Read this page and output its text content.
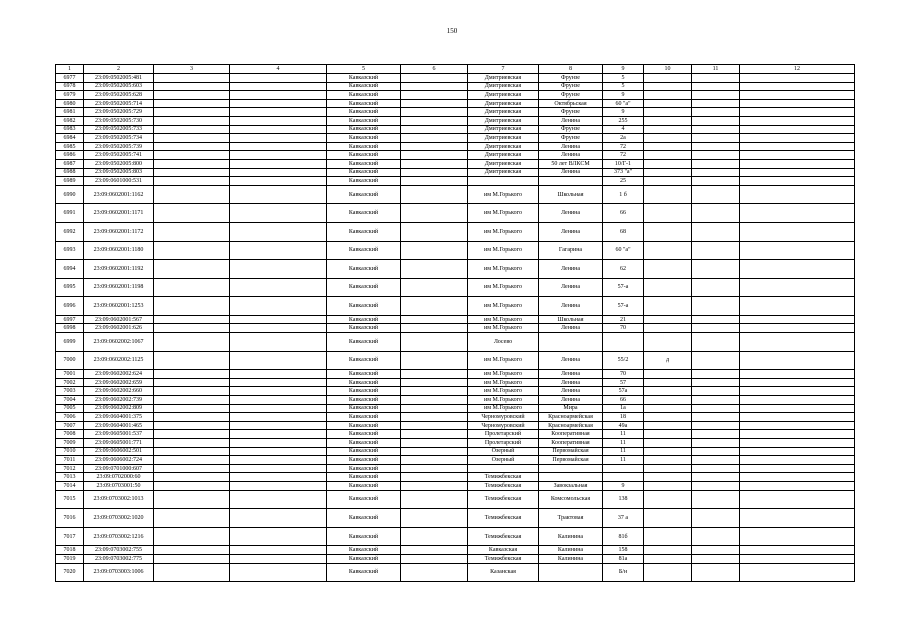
150
1	2	3	4	5	6	7	8	9	10	11	12
6977	23:09:0502005:481			Кавказский		Дмитриевская	Фрунзе	5			
6978	23:09:0502005:603			Кавказский		Дмитриевская	Фрунзе	5			
6979	23:09:0502005:628			Кавказский		Дмитриевская	Фрунзе	9			
6980	23:09:0502005:714			Кавказский		Дмитриевская	Октябрьская	60 "а"			
6981	23:09:0502005:729			Кавказский		Дмитриевская	Фрунзе	9			
6982	23:09:0502005:730			Кавказский		Дмитриевская	Ленина	255			
6983	23:09:0502005:733			Кавказский		Дмитриевская	Фрунзе	4			
6984	23:09:0502005:734			Кавказский		Дмитриевская	Фрунзе	2а			
6985	23:09:0502005:739			Кавказский		Дмитриевская	Ленина	72			
6986	23:09:0502005:741			Кавказский		Дмитриевская	Ленина	72			
6987	23:09:0502005:800			Кавказский		Дмитриевская	50 лет ВЛКСМ	10/Г-1			
6988	23:09:0502005:803			Кавказский		Дмитриевская	Ленина	373 "а"			
6989	23:09:0601000:531			Кавказский				25			
6990	23:09:0602001:1162			Кавказский		им М.Горького	Школьная	1 б			
6991	23:09:0602001:1171			Кавказский		им М.Горького	Ленина	66			
6992	23:09:0602001:1172			Кавказский		им М.Горького	Ленина	68			
6993	23:09:0602001:1180			Кавказский		им М.Горького	Гагарина	60 "а"			
6994	23:09:0602001:1192			Кавказский		им М.Горького	Ленина	62			
6995	23:09:0602001:1198			Кавказский		им М.Горького	Ленина	57-а			
6996	23:09:0602001:1253			Кавказский		им М.Горького	Ленина	57-а			
6997	23:09:0602001:567			Кавказский		им М.Горького	Школьная	21			
6998	23:09:0602001:626			Кавказский		им М.Горького	Ленина	70			
6999	23:09:0602002:1067			Кавказский		Лосево					
7000	23:09:0602002:1125			Кавказский		им М.Горького	Ленина	55/2	д		
7001	23:09:0602002:624			Кавказский		им М.Горького	Ленина	70			
7002	23:09:0602002:659			Кавказский		им М.Горького	Ленина	57			
7003	23:09:0602002:660			Кавказский		им М.Горького	Ленина	57а			
7004	23:09:0602002:739			Кавказский		им М.Горького	Ленина	66			
7005	23:09:0602002:809			Кавказский		им М.Горького	Мира	1а			
7006	23:09:0604001:375			Кавказский		Черномуровский	Красноармейская	18			
7007	23:09:0604001:465			Кавказский		Черномуровский	Красноармейская	49а			
7008	23:09:0605001:537			Кавказский		Пролетарский	Кооперативная	11			
7009	23:09:0605001:771			Кавказский		Пролетарский	Кооперативная	11			
7010	23:09:0606002:501			Кавказский		Озерный	Первомайская	11			
7011	23:09:0606002:724			Кавказский		Озерный	Первомайская	11			
7012	23:09:0701000:607			Кавказский							
7013	23:09:0702000:60			Кавказский		Темижбекская					
7014	23:09:0703001:50			Кавказский		Темижбекская	Завокзальная	9			
7015	23:09:0703002:1013			Кавказский		Темижбекская	Комсомольская	138			
7016	23:09:0703002:1020			Кавказский		Темижбекская	Трактовая	37 а			
7017	23:09:0703002:1216			Кавказский		Темижбекская	Калинина	81б			
7018	23:09:0703002:755			Кавказский		Кавказская	Калинина	158			
7019	23:09:0703002:775			Кавказский		Темижбекская	Калинина	81а			
7020	23:09:0703003:1006			Кавказский		Казанская		Б/н			
